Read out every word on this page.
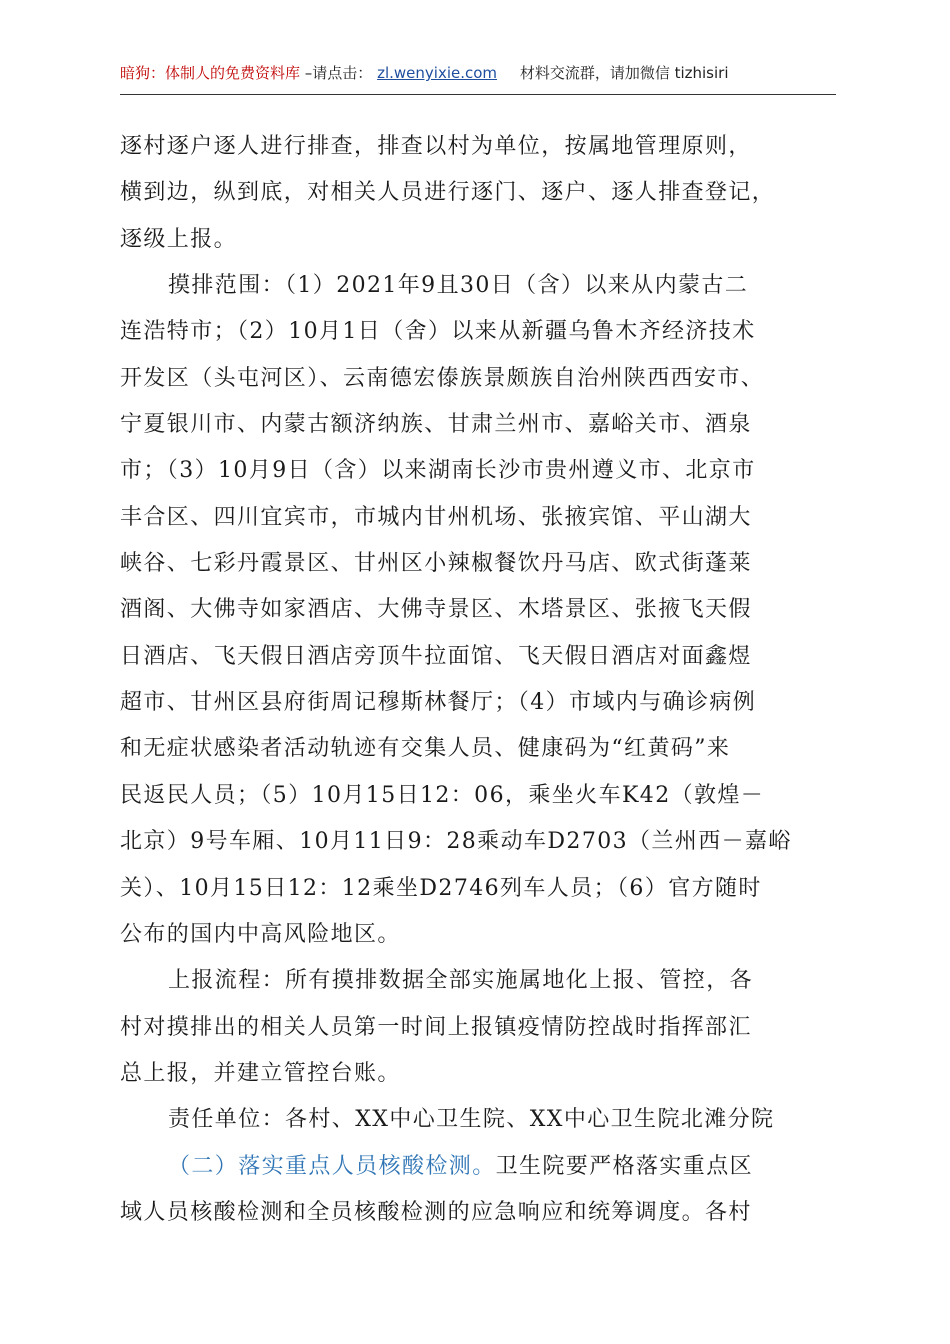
暗狗：体制人的免费资料库 –请点击： zl.wenyixie.com 材料交流群，请加微信 tizhisiri
逐村逐户逐人进行排查，排查以村为单位，按属地管理原则，
横到边，纵到底，对相关人员进行逐门、逐户、逐人排查登记，
逐级上报。
摸排范围：（1）2021年9且30日（含）以来从内蒙古二
连浩特市；（2）10月1日（舍）以来从新疆乌鲁木齐经济技术
开发区（头屯河区）、云南德宏傣族景颇族自治州陕西西安市、
宁夏银川市、内蒙古额济纳族、甘肃兰州市、嘉峪关市、酒泉
市；（3）10月9日（含）以来湖南长沙市贵州遵义市、北京市
丰合区、四川宜宾市，市城内甘州机场、张掖宾馆、平山湖大
峡谷、七彩丹霞景区、甘州区小辣椒餐饮丹马店、欧式街蓬莱
酒阁、大佛寺如家酒店、大佛寺景区、木塔景区、张掖飞天假
日酒店、飞天假日酒店旁顶牛拉面馆、飞天假日酒店对面鑫煜
超市、甘州区县府街周记穆斯林餐厅；（4）市域内与确诊病例
和无症状感染者活动轨迹有交集人员、健康码为“红黄码”来
民返民人员；（5）10月15日12：06，乘坐火车K42（敦煌－
北京）9号车厢、10月11日9：28乘动车D2703（兰州西－嘉峪
关）、10月15日12：12乘坐D2746列车人员；（6）官方随时
公布的国内中高风险地区。
上报流程：所有摸排数据全部实施属地化上报、管控，各
村对摸排出的相关人员第一时间上报镇疫情防控战时指挥部汇
总上报，并建立管控台账。
责任单位：各村、XX中心卫生院、XX中心卫生院北滩分院
（二）落实重点人员核酸检测。卫生院要严格落实重点区
域人员核酸检测和全员核酸检测的应急响应和统筹调度。各村
